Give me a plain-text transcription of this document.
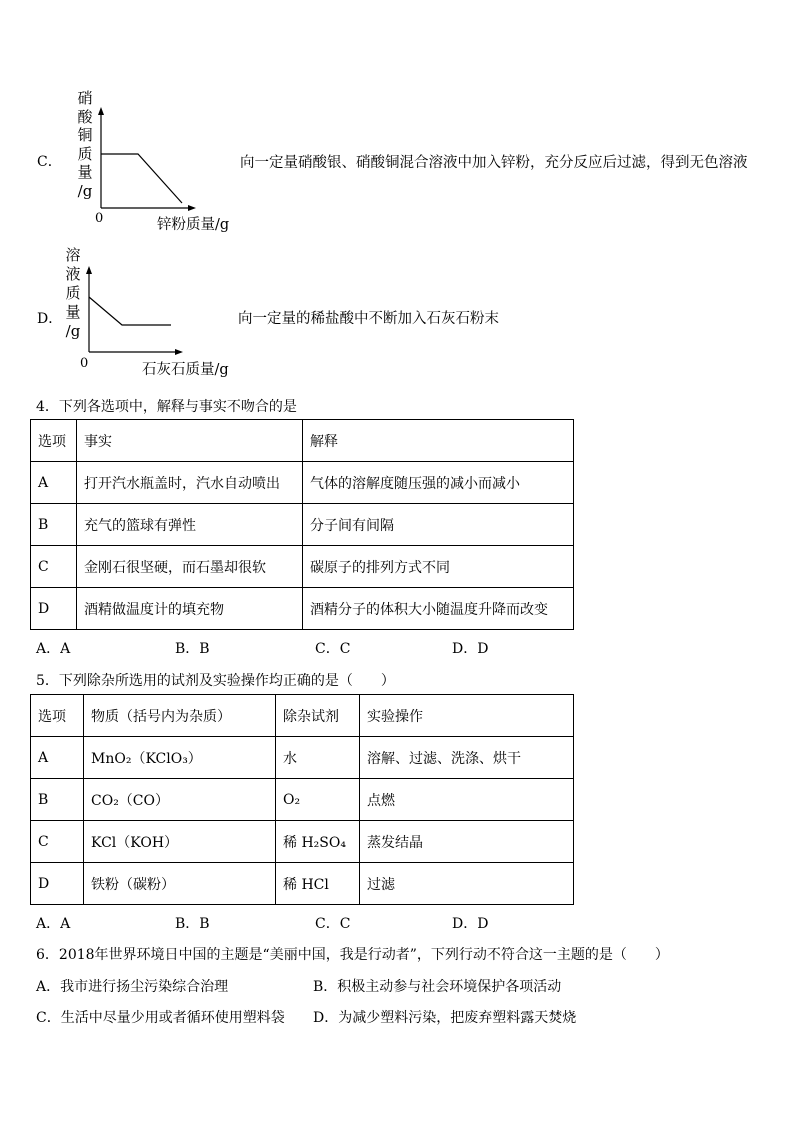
C．
硝
酸
铜
质
量
/g
0	锌粉质量/g
向一定量硝酸银、硝酸铜混合溶液中加入锌粉，充分反应后过滤，得到无色溶液
D．
溶
液
质
量
/g
0	石灰石质量/g
向一定量的稀盐酸中不断加入石灰石粉末
4．下列各选项中，解释与事实不吻合的是
选项	事实	解释
A	打开汽水瓶盖时，汽水自动喷出	气体的溶解度随压强的减小而减小
B	充气的篮球有弹性	分子间有间隔
C	金刚石很坚硬，而石墨却很软	碳原子的排列方式不同
D	酒精做温度计的填充物	酒精分子的体积大小随温度升降而改变
A．A	B．B	C．C	D．D
5．下列除杂所选用的试剂及实验操作均正确的是（　　）
选项	物质（括号内为杂质）	除杂试剂	实验操作
A	MnO₂（KClO₃）	水	溶解、过滤、洗涤、烘干
B	CO₂（CO）	O₂	点燃
C	KCl（KOH）	稀 H₂SO₄	蒸发结晶
D	铁粉（碳粉）	稀 HCl	过滤
A．A	B．B	C．C	D．D
6．2018年世界环境日中国的主题是“美丽中国，我是行动者”，下列行动不符合这一主题的是（　　）
A．我市进行扬尘污染综合治理	B．积极主动参与社会环境保护各项活动
C．生活中尽量少用或者循环使用塑料袋 D．为减少塑料污染，把废弃塑料露天焚烧
